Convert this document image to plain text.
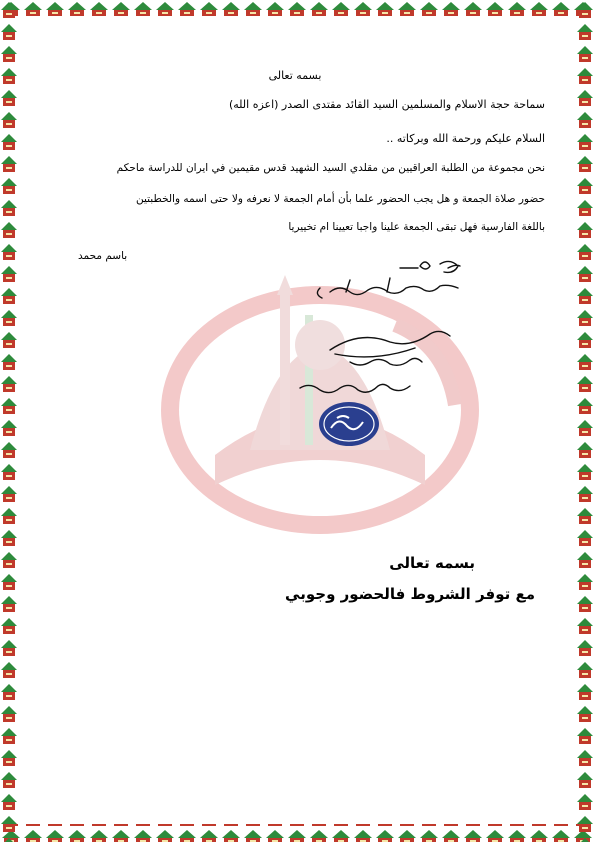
بسمه تعالى
سماحة حجة الاسلام والمسلمين السيد القائد مقتدى الصدر (اعزه الله)
السلام عليكم ورحمة الله وبركاته ..
نحن مجموعة من الطلبة العراقيين من مقلدي السيد الشهيد قدس مقيمين في ايران للدراسة ماحكم
حضور صلاة الجمعة و هل يجب الحضور علما بأن أمام الجمعة لا نعرفه ولا حتى اسمه والخطبتين
باللغة الفارسية فهل تبقى الجمعة علينا واجبا تعيينا ام تخييريا
باسم محمد
بسمه تعالى
مع توفر الشروط فالحضور وجوبي
